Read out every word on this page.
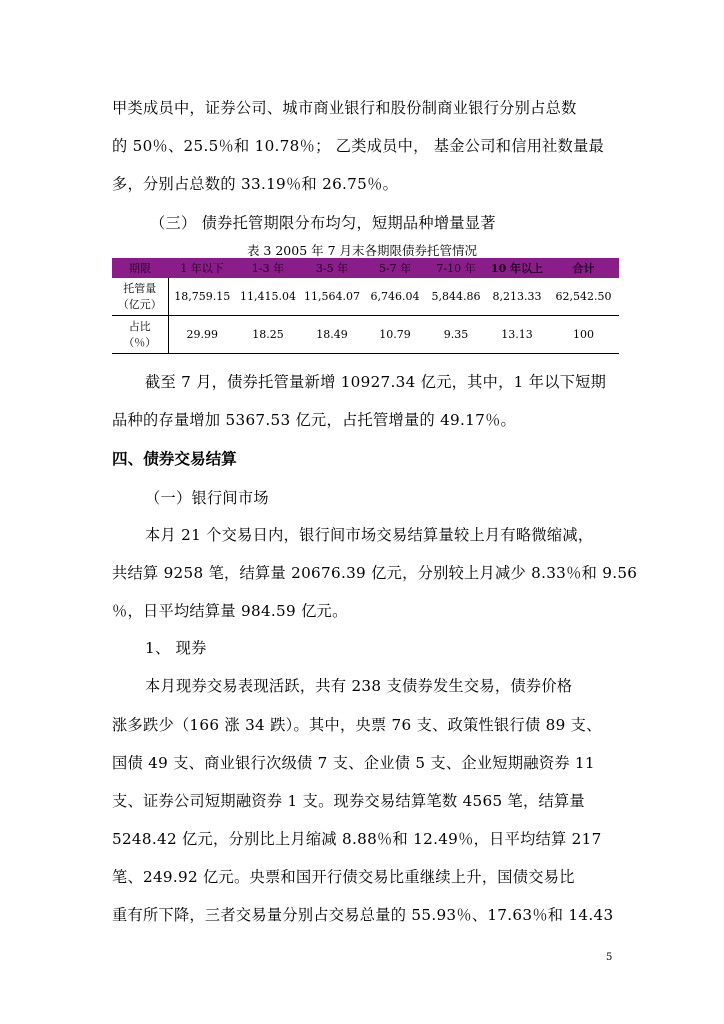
甲类成员中，证券公司、城市商业银行和股份制商业银行分别占总数
的 50％、25.5％和 10.78％； 乙类成员中， 基金公司和信用社数量最
多，分别占总数的 33.19％和 26.75％。
（三） 债券托管期限分布均匀，短期品种增量显著
表 3 2005 年 7 月末各期限债券托管情况
期限	1 年以下	1-3 年	3-5 年	5-7 年	7-10 年	10 年以上	合计
托管量
（亿元）	18,759.15	11,415.04	11,564.07	6,746.04	5,844.86	8,213.33	62,542.50
占比
（％）	29.99	18.25	18.49	10.79	9.35	13.13	100
截至 7 月，债券托管量新增 10927.34 亿元，其中，1 年以下短期
品种的存量增加 5367.53 亿元，占托管增量的 49.17％。
四、债券交易结算
（一）银行间市场
本月 21 个交易日内，银行间市场交易结算量较上月有略微缩减，
共结算 9258 笔，结算量 20676.39 亿元，分别较上月减少 8.33％和 9.56
％，日平均结算量 984.59 亿元。
1、 现券
本月现券交易表现活跃，共有 238 支债券发生交易，债券价格
涨多跌少（166 涨 34 跌）。其中，央票 76 支、政策性银行债 89 支、
国债 49 支、商业银行次级债 7 支、企业债 5 支、企业短期融资券 11
支、证券公司短期融资券 1 支。现券交易结算笔数 4565 笔，结算量
5248.42 亿元，分别比上月缩减 8.88％和 12.49％，日平均结算 217
笔、249.92 亿元。央票和国开行债交易比重继续上升，国债交易比
重有所下降，三者交易量分别占交易总量的 55.93％、17.63％和 14.43
5
